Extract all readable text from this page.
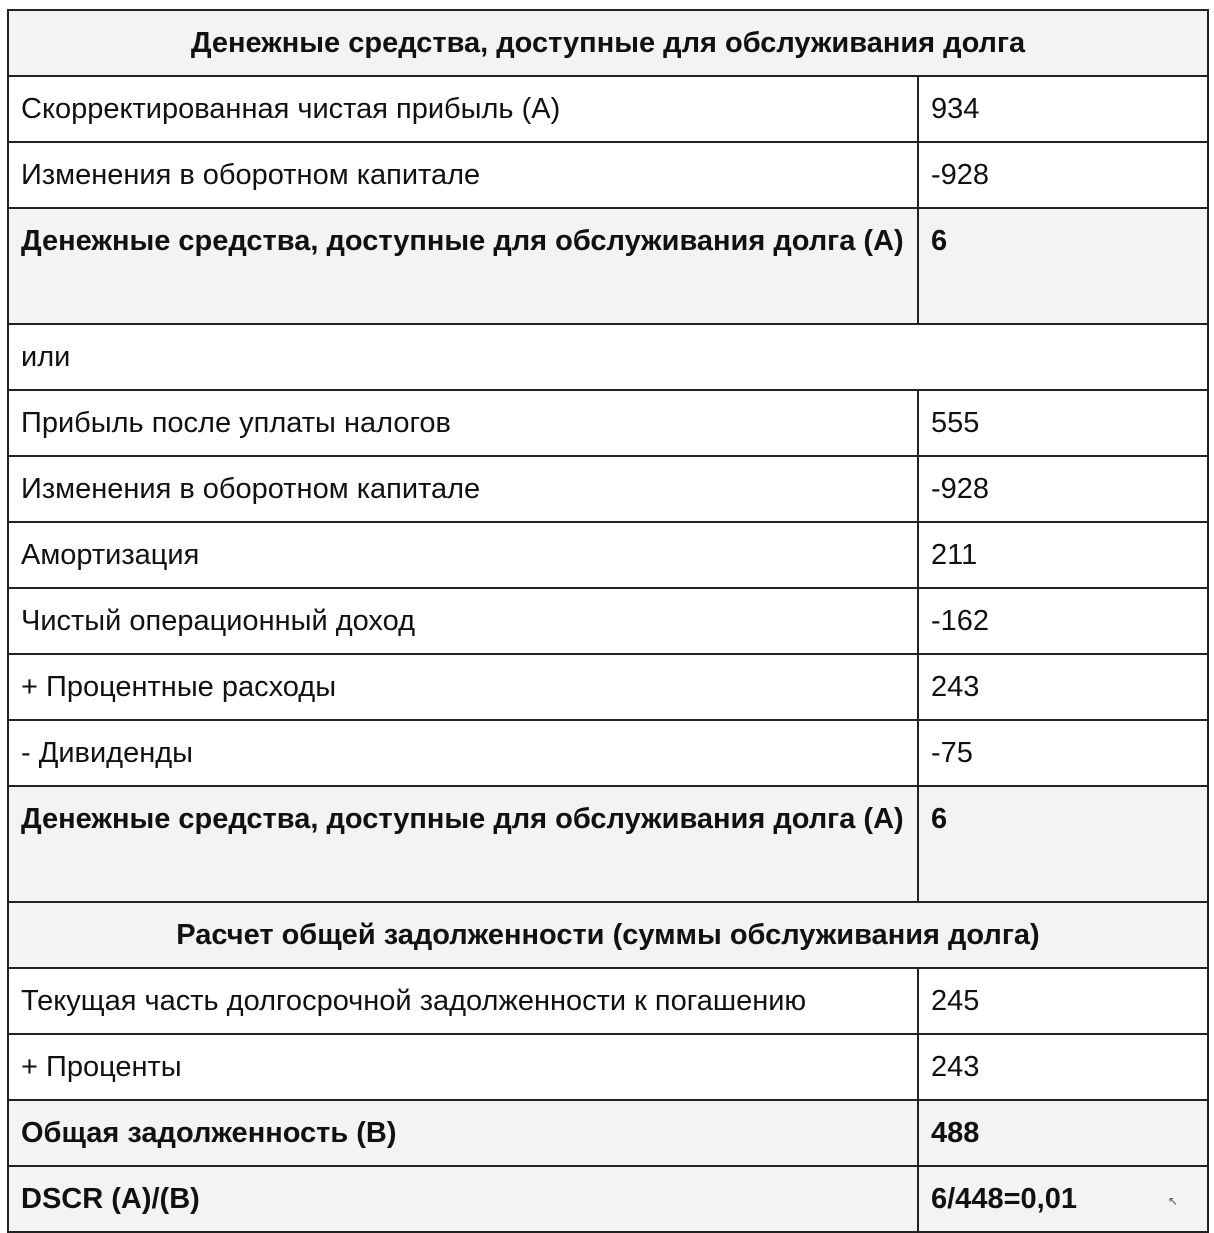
Денежные средства, доступные для обслуживания долга	
Скорректированная чистая прибыль (А)	934
Изменения в оборотном капитале	-928
Денежные средства, доступные для обслуживания долга (А)	6
или	
Прибыль после уплаты налогов	555
Изменения в оборотном капитале	-928
Амортизация	211
Чистый операционный доход	-162
+ Процентные расходы	243
- Дивиденды	-75
Денежные средства, доступные для обслуживания долга (А)	6
Расчет общей задолженности (суммы обслуживания долга)	
Текущая часть долгосрочной задолженности к погашению	245
+ Проценты	243
Общая задолженность (В)	488
DSCR (A)/(B)	6/448=0,01	↖
